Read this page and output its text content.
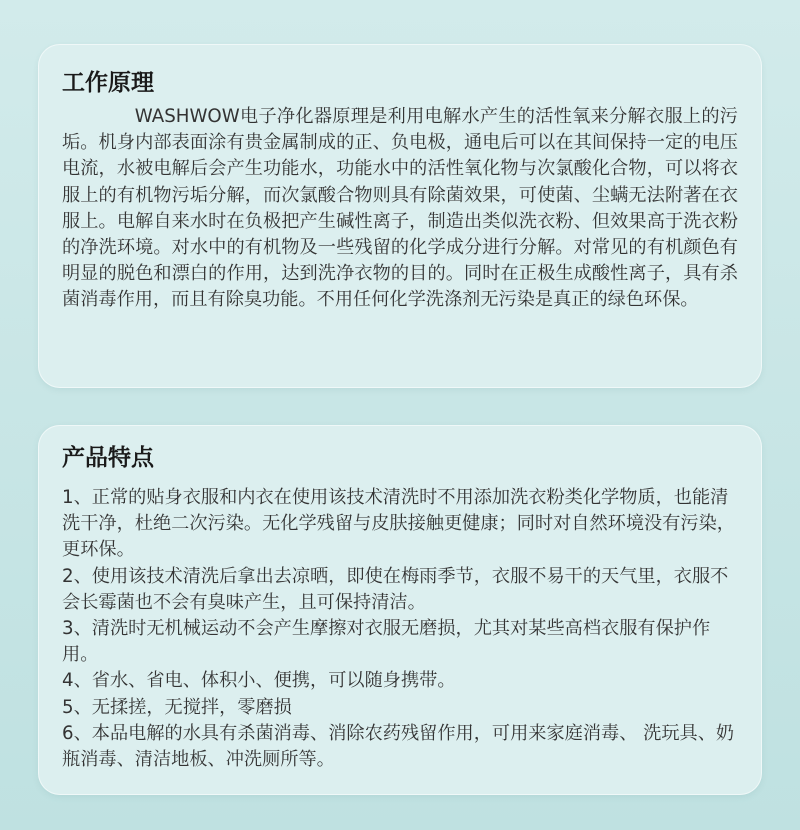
工作原理

WASHWOW电子净化器原理是利用电解水产生的活性氧来分解衣服上的污垢。机身内部表面涂有贵金属制成的正、负电极，通电后可以在其间保持一定的电压电流，水被电解后会产生功能水，功能水中的活性氧化物与次氯酸化合物，可以将衣服上的有机物污垢分解，而次氯酸合物则具有除菌效果，可使菌、尘螨无法附著在衣服上。电解自来水时在负极把产生碱性离子，制造出类似洗衣粉、但效果高于洗衣粉的净洗环境。对水中的有机物及一些残留的化学成分进行分解。对常见的有机颜色有明显的脱色和漂白的作用，达到洗净衣物的目的。同时在正极生成酸性离子，具有杀菌消毒作用，而且有除臭功能。不用任何化学洗涤剂无污染是真正的绿色环保。

产品特点

1、正常的贴身衣服和内衣在使用该技术清洗时不用添加洗衣粉类化学物质，也能清洗干净，杜绝二次污染。无化学残留与皮肤接触更健康；同时对自然环境没有污染，更环保。

2、使用该技术清洗后拿出去凉晒，即使在梅雨季节，衣服不易干的天气里，衣服不会长霉菌也不会有臭味产生，且可保持清洁。

3、清洗时无机械运动不会产生摩擦对衣服无磨损，尤其对某些高档衣服有保护作用。

4、省水、省电、体积小、便携，可以随身携带。

5、无揉搓，无搅拌，零磨损

6、本品电解的水具有杀菌消毒、消除农药残留作用，可用来家庭消毒、 洗玩具、奶瓶消毒、清洁地板、冲洗厕所等。
